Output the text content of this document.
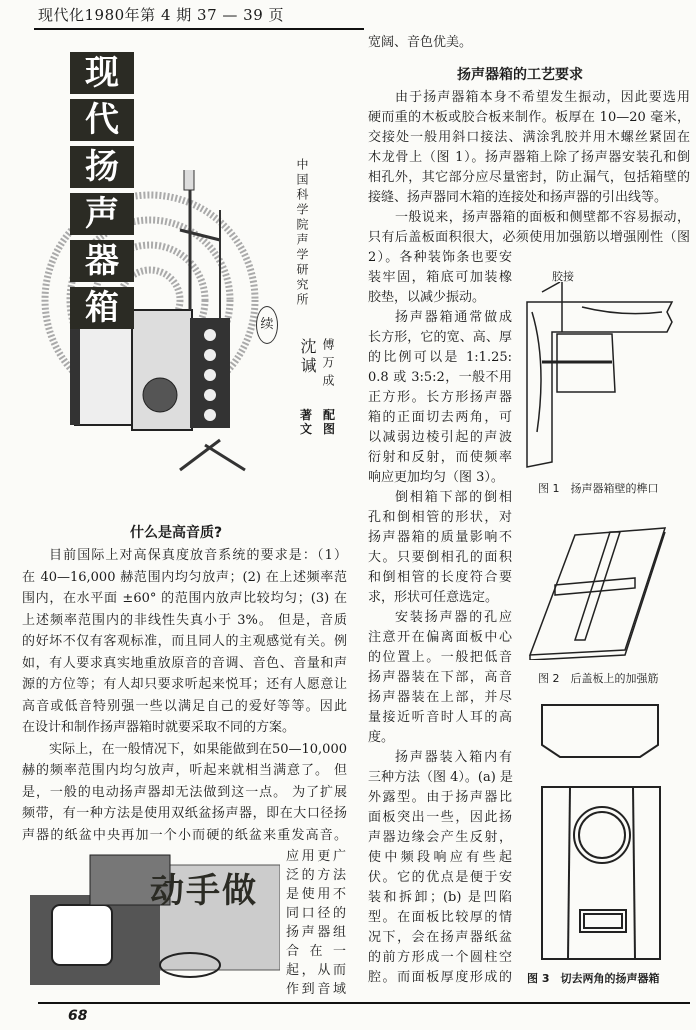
现代化1980年第 4 期 37 — 39 页
现
代
扬
声
器
箱	续
中国科学院声学研究所
沈𫍯 傅万成
著文
配图
什么是高音质?
目前国际上对高保真度放音系统的要求是：（1）
在 40—16,000 赫范围内均匀放声；(2) 在上述频率范
围内，在水平面 ±60° 的范围内放声比较均匀；(3) 在
上述频率范围内的非线性失真小于 3%。 但是，音质
的好坏不仅有客观标准，而且同人的主观感觉有关。例
如，有人要求真实地重放原音的音调、音色、音量和声
源的方位等；有人却只要求听起来悦耳；还有人愿意让
高音或低音特别强一些以满足自己的爱好等等。因此
在设计和制作扬声器箱时就要采取不同的方案。
实际上，在一般情况下，如果能做到在50—10,000
赫的频率范围内均匀放声，听起来就相当满意了。 但
是，一般的电动扬声器却无法做到这一点。 为了扩展
频带，有一种方法是使用双纸盆扬声器，即在大口径扬
声器的纸盆中央再加一个小而硬的纸盆来重发高音。
应用更广
泛的方法
是使用不
同口径的
扬声器组
合 在 一
起，从而
作到音域
动手做
宽阔、音色优美。
扬声器箱的工艺要求
由于扬声器箱本身不希望发生振动，因此要选用
硬而重的木板或胶合板来制作。板厚在 10—20 毫米，
交接处一般用斜口接法、满涂乳胶并用木螺丝紧固在
木龙骨上（图 1）。扬声器箱上除了扬声器安装孔和倒
相孔外，其它部分应尽量密封，防止漏气，包括箱壁的
接缝、扬声器同木箱的连接处和扬声器的引出线等。
一般说来，扬声器箱的面板和侧壁都不容易振动，
只有后盖板面积很大，必须使用加强筋以增强刚性（图
2）。各种装饰条也要安
装牢固，箱底可加装橡
胶垫，以减少振动。
扬声器箱通常做成
长方形，它的宽、高、厚
的比例可以是 1:1.25:
0.8 或 3:5:2，一般不用
正方形。长方形扬声器
箱的正面切去两角，可
以减弱边棱引起的声波
衍射和反射，而使频率
响应更加均匀（图 3）。
倒相箱下部的倒相
孔和倒相管的形状，对
扬声器箱的质量影响不
大。只要倒相孔的面积
和倒相管的长度符合要
求，形状可任意选定。
安装扬声器的孔应
注意开在偏离面板中心
的位置上。一般把低音
扬声器装在下部，高音
扬声器装在上部，并尽
量接近听音时人耳的高
度。
扬声器装入箱内有
三种方法（图 4）。(a) 是
外露型。由于扬声器比
面板突出一些，因此扬
声器边缘会产生反射，
使中频段响应有些起
伏。它的优点是便于安
装和拆卸；(b) 是凹陷
型。在面板比较厚的情
况下，会在扬声器纸盆
的前方形成一个圆柱空
腔。而面板厚度形成的
胶接
图 1　扬声器箱壁的榫口
图 2　后盖板上的加强筋
图 3　切去两角的扬声器箱
68
